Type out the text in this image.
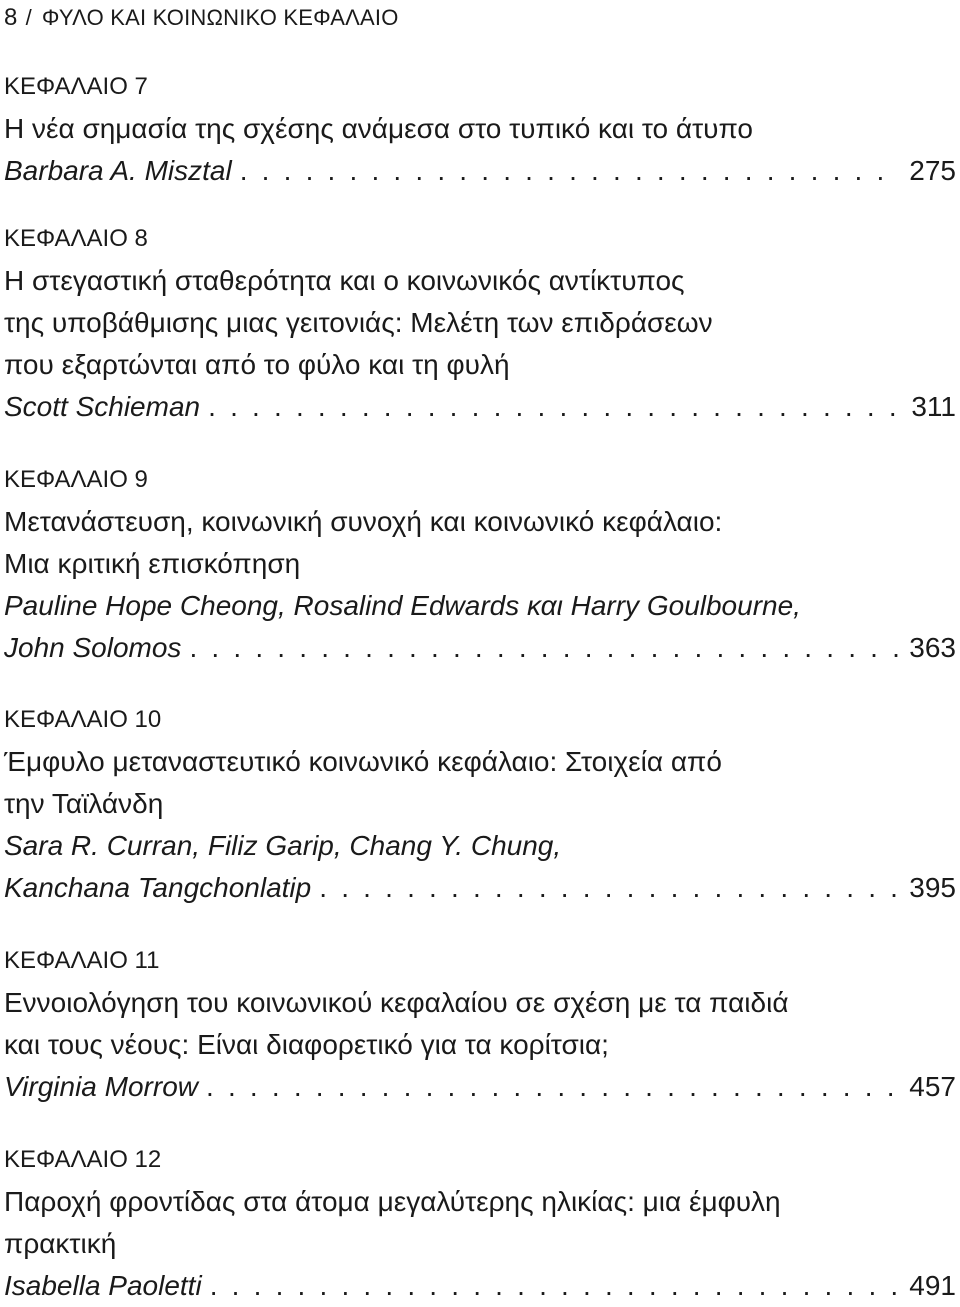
8 / ΦΥΛΟ ΚΑΙ ΚΟΙΝΩΝΙΚΟ ΚΕΦΑΛΑΙΟ
ΚΕΦΑΛΑΙΟ 7
Η νέα σημασία της σχέσης ανάμεσα στο τυπικό και το άτυπο
Barbara A. Misztal . . .	275
ΚΕΦΑΛΑΙΟ 8
Η στεγαστική σταθερότητα και ο κοινωνικός αντίκτυπος
της υποβάθμισης μιας γειτονιάς: Μελέτη των επιδράσεων
που εξαρτώνται από το φύλο και τη φυλή
Scott Schieman . . .	311
ΚΕΦΑΛΑΙΟ 9
Μετανάστευση, κοινωνική συνοχή και κοινωνικό κεφάλαιο:
Μια κριτική επισκόπηση
Pauline Hope Cheong, Rosalind Edwards και Harry Goulbourne,
John Solomos . . .	363
ΚΕΦΑΛΑΙΟ 10
Έμφυλο μεταναστευτικό κοινωνικό κεφάλαιο: Στοιχεία από
την Ταϊλάνδη
Sara R. Curran, Filiz Garip, Chang Y. Chung,
Kanchana Tangchonlatip . . .	395
ΚΕΦΑΛΑΙΟ 11
Εννοιολόγηση του κοινωνικού κεφαλαίου σε σχέση με τα παιδιά
και τους νέους: Είναι διαφορετικό για τα κορίτσια;
Virginia Morrow . . .	457
ΚΕΦΑΛΑΙΟ 12
Παροχή φροντίδας στα άτομα μεγαλύτερης ηλικίας: μια έμφυλη
πρακτική
Isabella Paoletti . . .	491
